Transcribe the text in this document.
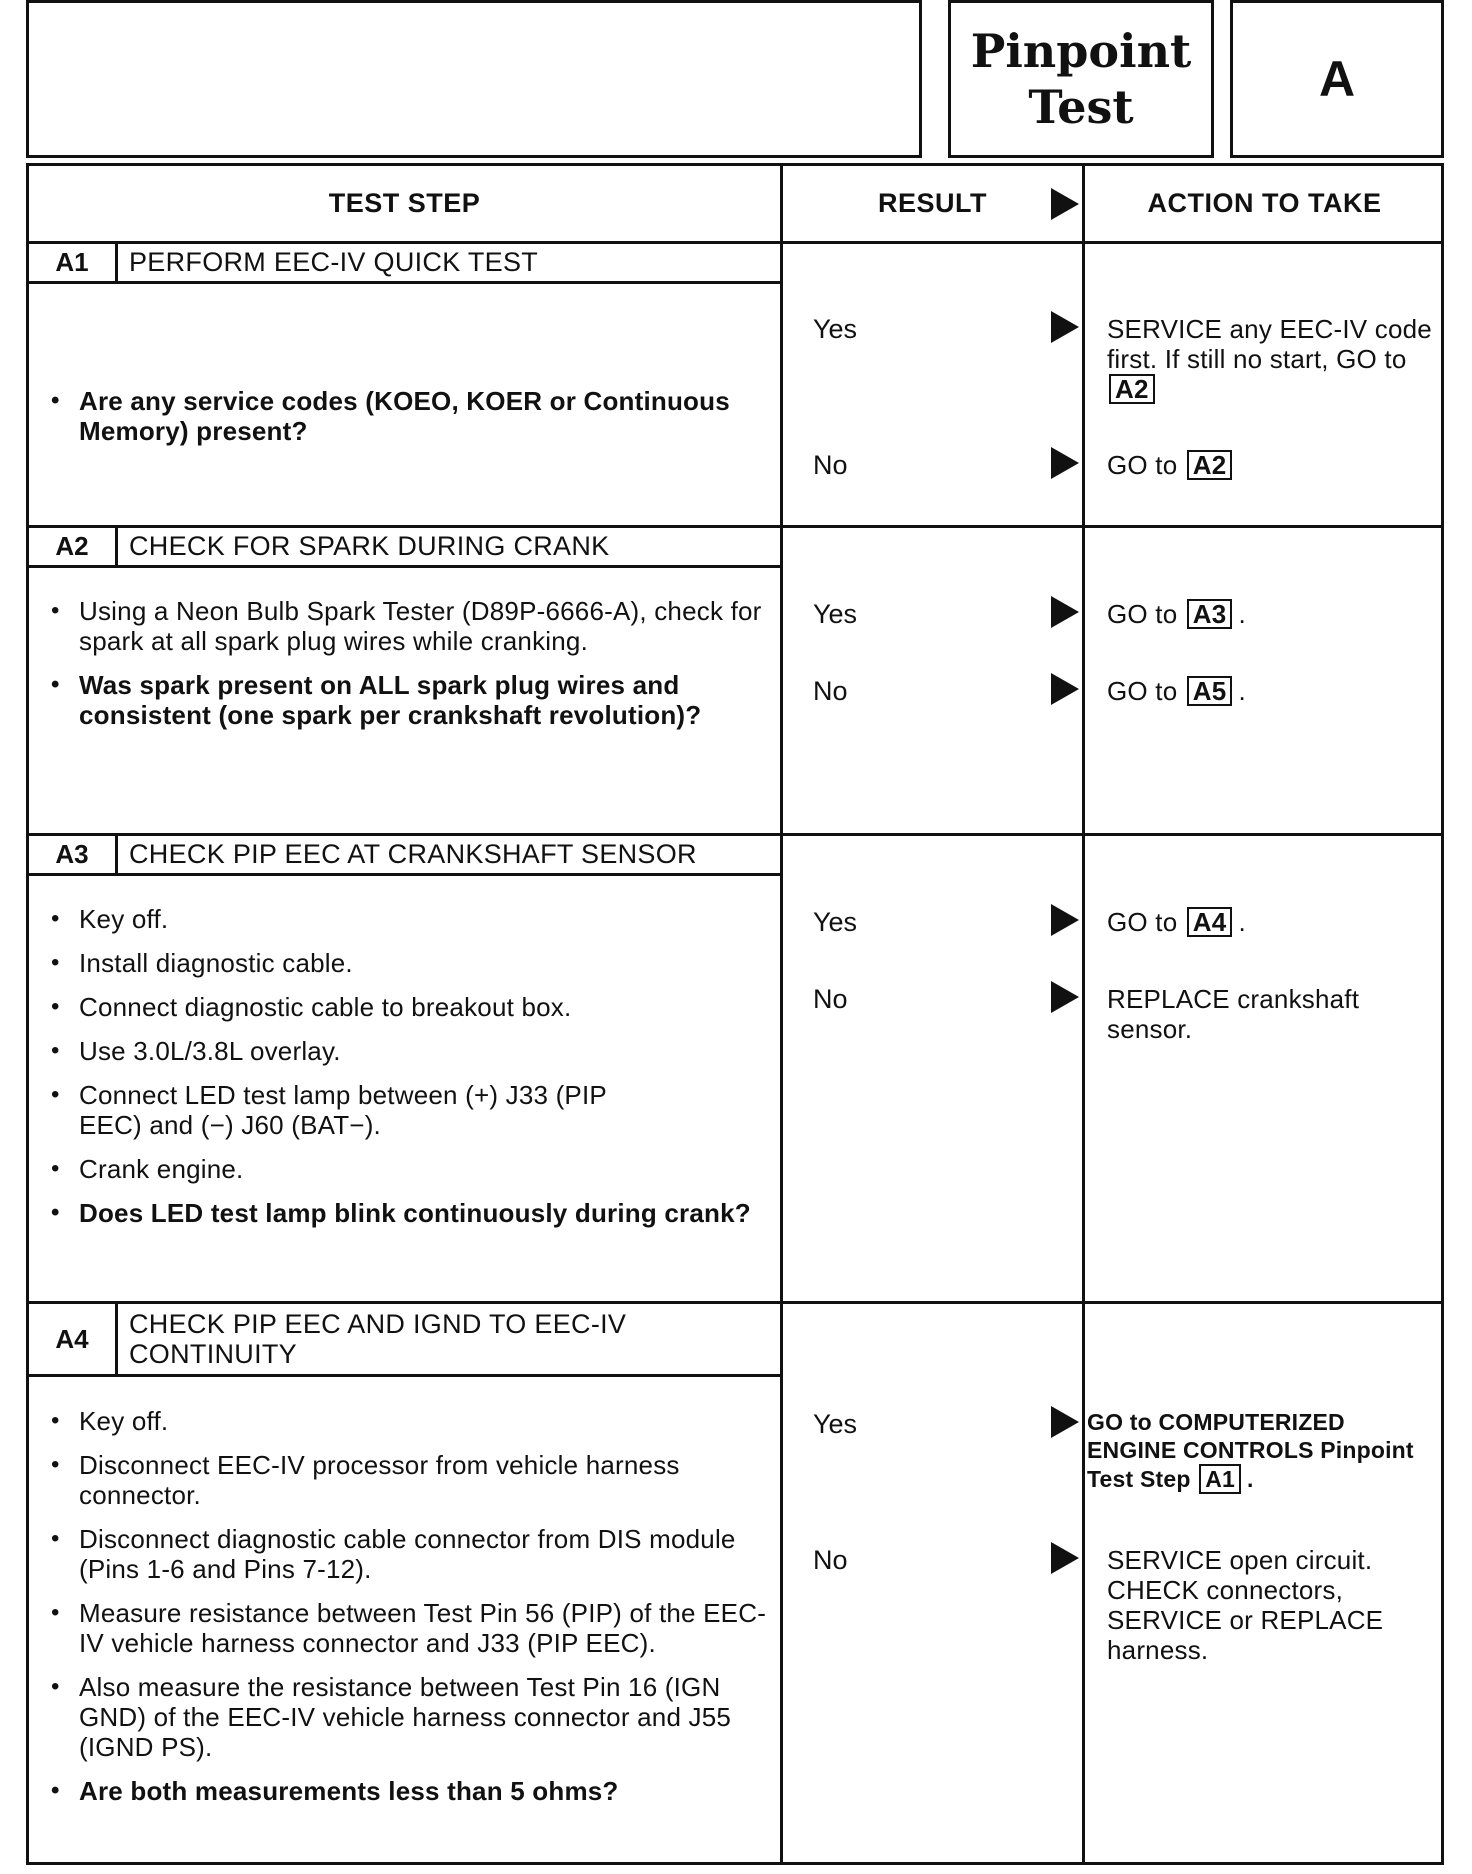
Pinpoint
Test	A
TEST STEP	RESULT	ACTION TO TAKE
A1	PERFORM EEC-IV QUICK TEST
• Are any service codes (KOEO, KOER or Continuous Memory) present?
Yes	SERVICE any EEC-IV code first. If still no start, GO to A2
No	GO to A2
A2	CHECK FOR SPARK DURING CRANK
• Using a Neon Bulb Spark Tester (D89P-6666-A), check for spark at all spark plug wires while cranking.
• Was spark present on ALL spark plug wires and consistent (one spark per crankshaft revolution)?
Yes	GO to A3 .
No	GO to A5 .
A3	CHECK PIP EEC AT CRANKSHAFT SENSOR
• Key off.
• Install diagnostic cable.
• Connect diagnostic cable to breakout box.
• Use 3.0L/3.8L overlay.
• Connect LED test lamp between (+) J33 (PIP EEC) and (−) J60 (BAT−).
• Crank engine.
• Does LED test lamp blink continuously during crank?
Yes	GO to A4 .
No	REPLACE crankshaft sensor.
A4	CHECK PIP EEC AND IGND TO EEC-IV CONTINUITY
• Key off.
• Disconnect EEC-IV processor from vehicle harness connector.
• Disconnect diagnostic cable connector from DIS module (Pins 1-6 and Pins 7-12).
• Measure resistance between Test Pin 56 (PIP) of the EEC-IV vehicle harness connector and J33 (PIP EEC).
• Also measure the resistance between Test Pin 16 (IGN GND) of the EEC-IV vehicle harness connector and J55 (IGND PS).
• Are both measurements less than 5 ohms?
Yes	GO to COMPUTERIZED ENGINE CONTROLS Pinpoint Test Step A1 .
No	SERVICE open circuit. CHECK connectors, SERVICE or REPLACE harness.
